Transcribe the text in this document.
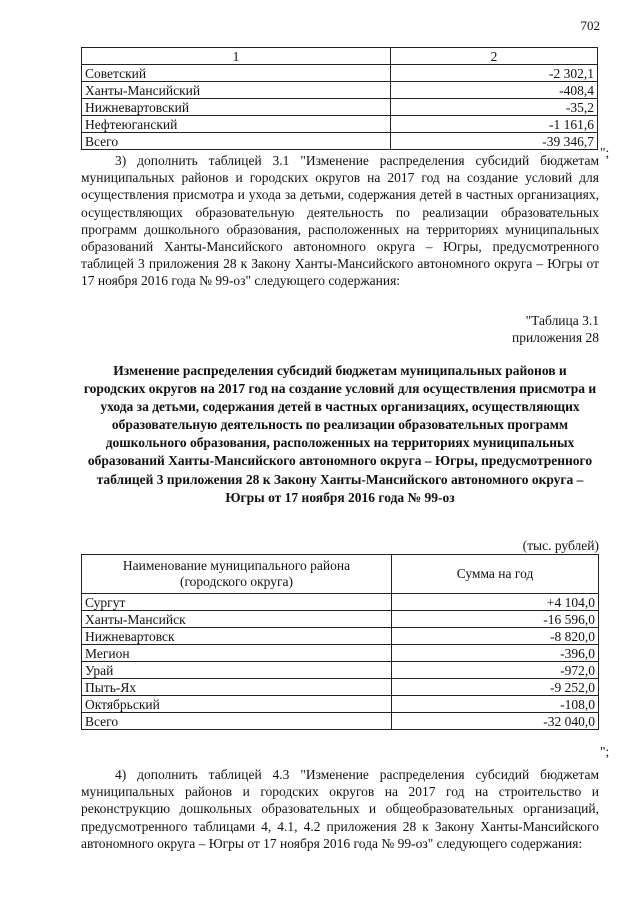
702
1	2
Советский	-2 302,1
Ханты-Мансийский	-408,4
Нижневартовский	-35,2
Нефтеюганский	-1 161,6
Всего	-39 346,7
";

3) дополнить таблицей 3.1 "Изменение распределения субсидий бюджетам муниципальных районов и городских округов на 2017 год на создание условий для осуществления присмотра и ухода за детьми, содержания детей в частных организациях, осуществляющих образовательную деятельность по реализации образовательных программ дошкольного образования, расположенных на территориях муниципальных образований Ханты-Мансийского автономного округа – Югры, предусмотренного таблицей 3 приложения 28 к Закону Ханты-Мансийского автономного округа – Югры от 17 ноября 2016 года № 99-оз" следующего содержания:

"Таблица 3.1
приложения 28

Изменение распределения субсидий бюджетам муниципальных районов и городских округов на 2017 год на создание условий для осуществления присмотра и ухода за детьми, содержания детей в частных организациях, осуществляющих образовательную деятельность по реализации образовательных программ дошкольного образования, расположенных на территориях муниципальных образований Ханты-Мансийского автономного округа – Югры, предусмотренного таблицей 3 приложения 28 к Закону Ханты-Мансийского автономного округа – Югры от 17 ноября 2016 года № 99-оз

(тыс. рублей)
Наименование муниципального района (городского округа)	Сумма на год
Сургут	+4 104,0
Ханты-Мансийск	-16 596,0
Нижневартовск	-8 820,0
Мегион	-396,0
Урай	-972,0
Пыть-Ях	-9 252,0
Октябрьский	-108,0
Всего	-32 040,0
";

4) дополнить таблицей 4.3 "Изменение распределения субсидий бюджетам муниципальных районов и городских округов на 2017 год на строительство и реконструкцию дошкольных образовательных и общеобразовательных организаций, предусмотренного таблицами 4, 4.1, 4.2 приложения 28 к Закону Ханты-Мансийского автономного округа – Югры от 17 ноября 2016 года № 99-оз" следующего содержания:
